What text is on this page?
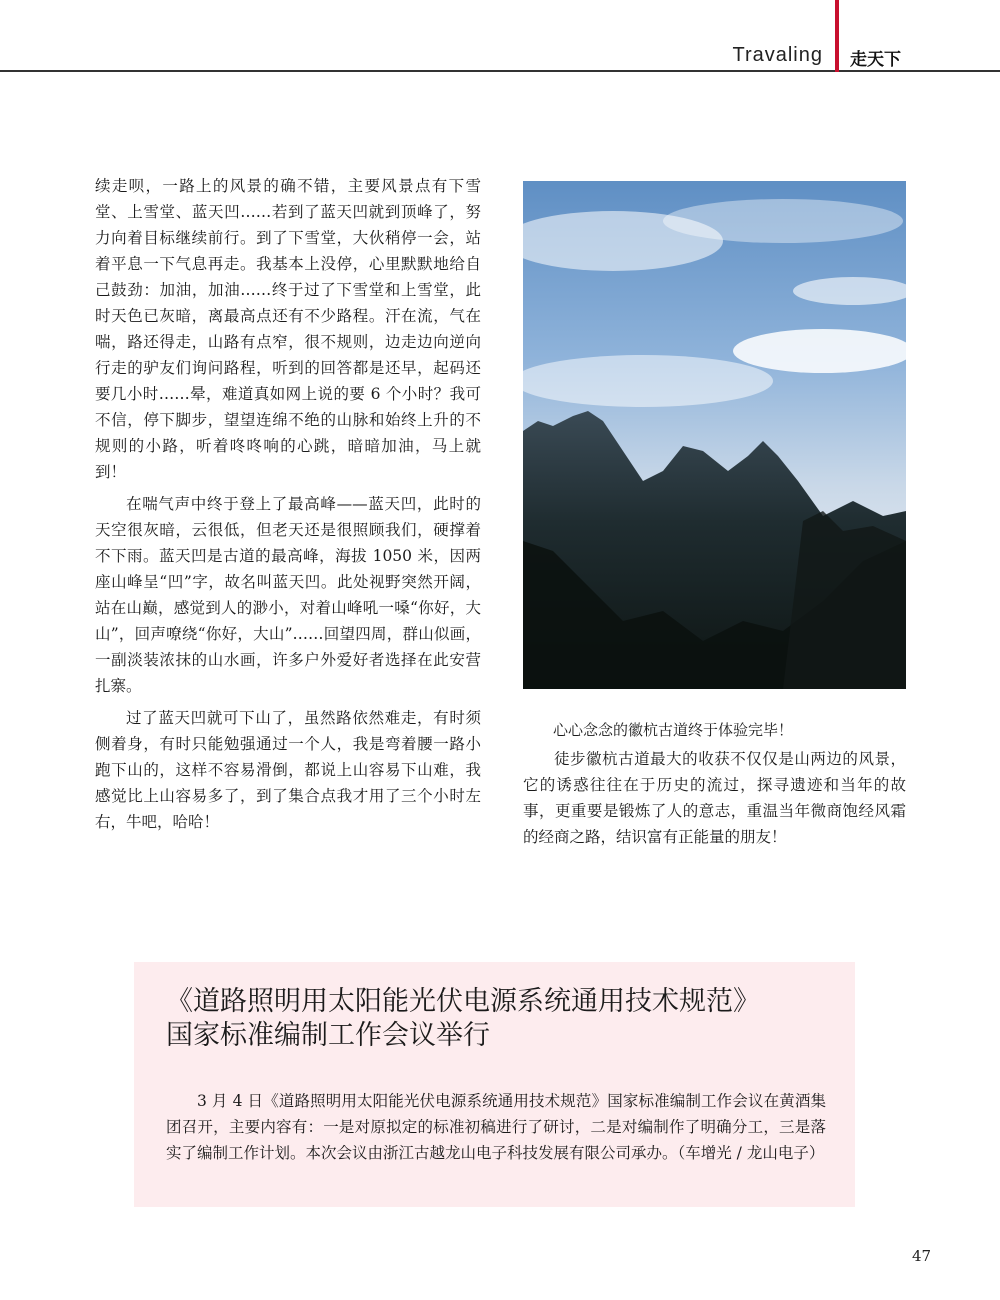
Travaling 走天下

续走呗，一路上的风景的确不错，主要风景点有下雪堂、上雪堂、蓝天凹……若到了蓝天凹就到顶峰了，努力向着目标继续前行。到了下雪堂，大伙稍停一会，站着平息一下气息再走。我基本上没停，心里默默地给自己鼓劲：加油，加油……终于过了下雪堂和上雪堂，此时天色已灰暗，离最高点还有不少路程。汗在流，气在喘，路还得走，山路有点窄，很不规则，边走边向逆向行走的驴友们询问路程，听到的回答都是还早，起码还要几小时……晕，难道真如网上说的要 6 个小时？我可不信，停下脚步，望望连绵不绝的山脉和始终上升的不规则的小路，听着咚咚响的心跳，暗暗加油，马上就到！

在喘气声中终于登上了最高峰——蓝天凹，此时的天空很灰暗，云很低，但老天还是很照顾我们，硬撑着不下雨。蓝天凹是古道的最高峰，海拔 1050 米，因两座山峰呈“凹”字，故名叫蓝天凹。此处视野突然开阔，站在山巅，感觉到人的渺小，对着山峰吼一嗓“你好，大山”，回声嘹绕“你好，大山”……回望四周，群山似画，一副淡装浓抹的山水画，许多户外爱好者选择在此安营扎寨。

过了蓝天凹就可下山了，虽然路依然难走，有时须侧着身，有时只能勉强通过一个人，我是弯着腰一路小跑下山的，这样不容易滑倒，都说上山容易下山难，我感觉比上山容易多了，到了集合点我才用了三个小时左右，牛吧，哈哈！

心心念念的徽杭古道终于体验完毕！

徒步徽杭古道最大的收获不仅仅是山两边的风景，它的诱惑往往在于历史的流过，探寻遗迹和当年的故事，更重要是锻炼了人的意志，重温当年微商饱经风霜的经商之路，结识富有正能量的朋友！

《道路照明用太阳能光伏电源系统通用技术规范》
国家标准编制工作会议举行
3 月 4 日《道路照明用太阳能光伏电源系统通用技术规范》国家标准编制工作会议在黄酒集团召开，主要内容有：一是对原拟定的标准初稿进行了研讨，二是对编制作了明确分工，三是落实了编制工作计划。本次会议由浙江古越龙山电子科技发展有限公司承办。（车增光 / 龙山电子）
47
